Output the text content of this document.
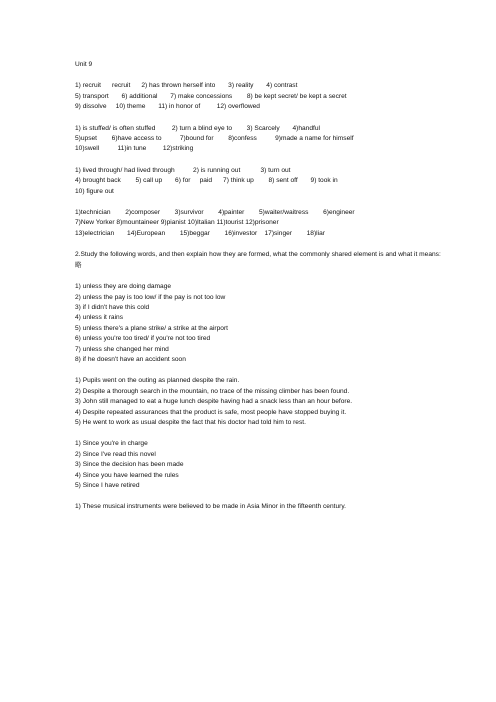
Unit 9
1) recruit      recruit      2) has thrown herself into       3) reality       4) contrast
5) transport       6) additional       7) make concessions        8) be kept secret/ be kept a secret
9) dissolve     10) theme       11) in honor of         12) overflowed
1) is stuffed/ is often stuffed         2) turn a blind eye to        3) Scarcely       4)handful
5)upset        6)have access to          7)bound for        8)confess          9)made a name for himself
10)swell          11)in tune         12)striking
1) lived through/ had lived through          2) is running out           3) turn out
4) brought back        5) call up       6) for     paid      7) think up        8) sent off       9) took in
10) figure out
1)technician        2)composer        3)survivor        4)painter        5)waiter/waitress        6)engineer
7)New Yorker 8)mountaineer 9)pianist 10)Italian 11)tourist 12)prisoner
13)electrician       14)European        15)beggar        16)investor    17)singer        18)liar
2.Study the following words, and then explain how they are formed, what the commonly shared element is and what it means:
略
1) unless they are doing damage
2) unless the pay is too low/ if the pay is not too low
3) if I didn't have this cold
4) unless it rains
5) unless there's a plane strike/ a strike at the airport
6) unless you're too tired/ if you're not too tired
7) unless she changed her mind
8) if he doesn't have an accident soon
1) Pupils went on the outing as planned despite the rain.
2) Despite a thorough search in the mountain, no trace of the missing climber has been found.
3) John still managed to eat a huge lunch despite having had a snack less than an hour before.
4) Despite repeated assurances that the product is safe, most people have stopped buying it.
5) He went to work as usual despite the fact that his doctor had told him to rest.
1) Since you're in charge
2) Since I've read this novel
3) Since the decision has been made
4) Since you have learned the rules
5) Since I have retired
1) These musical instruments were believed to be made in Asia Minor in the fifteenth century.
